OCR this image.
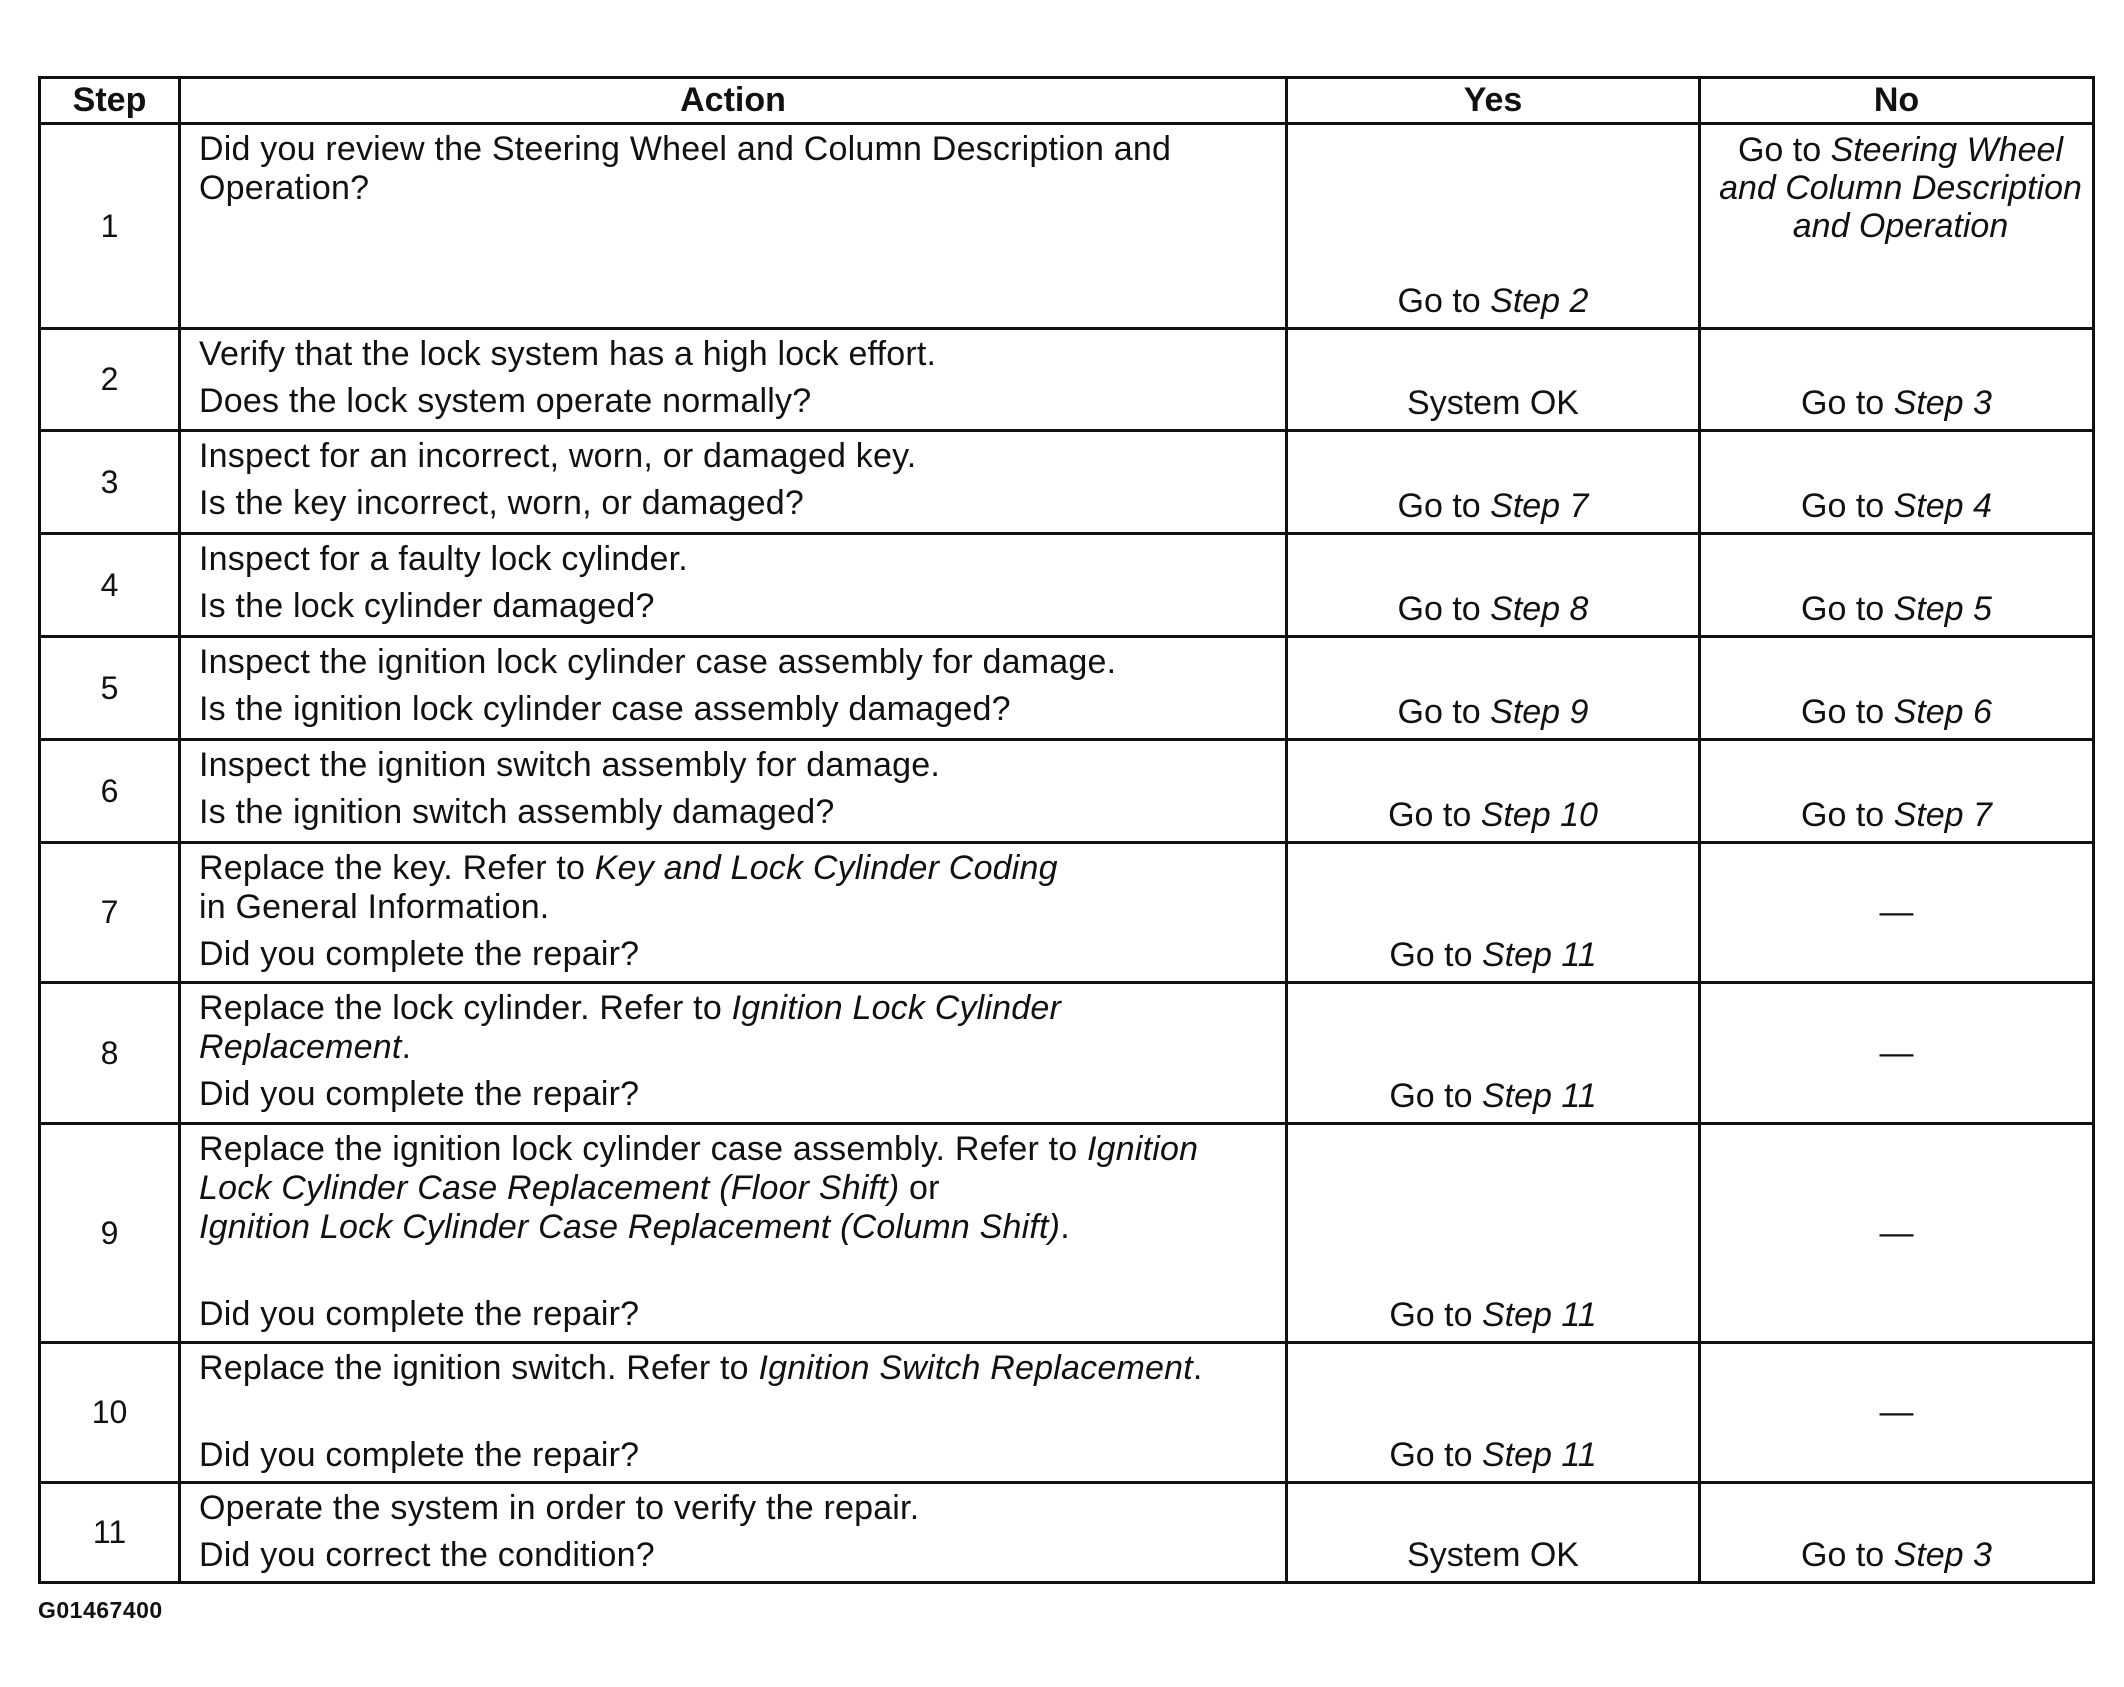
Step	Action	Yes	No
1	Did you review the Steering Wheel and Column Description and Operation?	Go to Step 2	Go to Steering Wheel and Column Description and Operation
2	Verify that the lock system has a high lock effort.
Does the lock system operate normally?	System OK	Go to Step 3
3	Inspect for an incorrect, worn, or damaged key.
Is the key incorrect, worn, or damaged?	Go to Step 7	Go to Step 4
4	Inspect for a faulty lock cylinder.
Is the lock cylinder damaged?	Go to Step 8	Go to Step 5
5	Inspect the ignition lock cylinder case assembly for damage.
Is the ignition lock cylinder case assembly damaged?	Go to Step 9	Go to Step 6
6	Inspect the ignition switch assembly for damage.
Is the ignition switch assembly damaged?	Go to Step 10	Go to Step 7
7	Replace the key. Refer to Key and Lock Cylinder Coding
in General Information.
Did you complete the repair?	Go to Step 11	—
8	Replace the lock cylinder. Refer to Ignition Lock Cylinder Replacement.
Did you complete the repair?	Go to Step 11	—
9	Replace the ignition lock cylinder case assembly. Refer to Ignition Lock Cylinder Case Replacement (Floor Shift) or
Ignition Lock Cylinder Case Replacement (Column Shift).
Did you complete the repair?	Go to Step 11	—
10	Replace the ignition switch. Refer to Ignition Switch Replacement.
Did you complete the repair?	Go to Step 11	—
11	Operate the system in order to verify the repair.
Did you correct the condition?	System OK	Go to Step 3
G01467400
